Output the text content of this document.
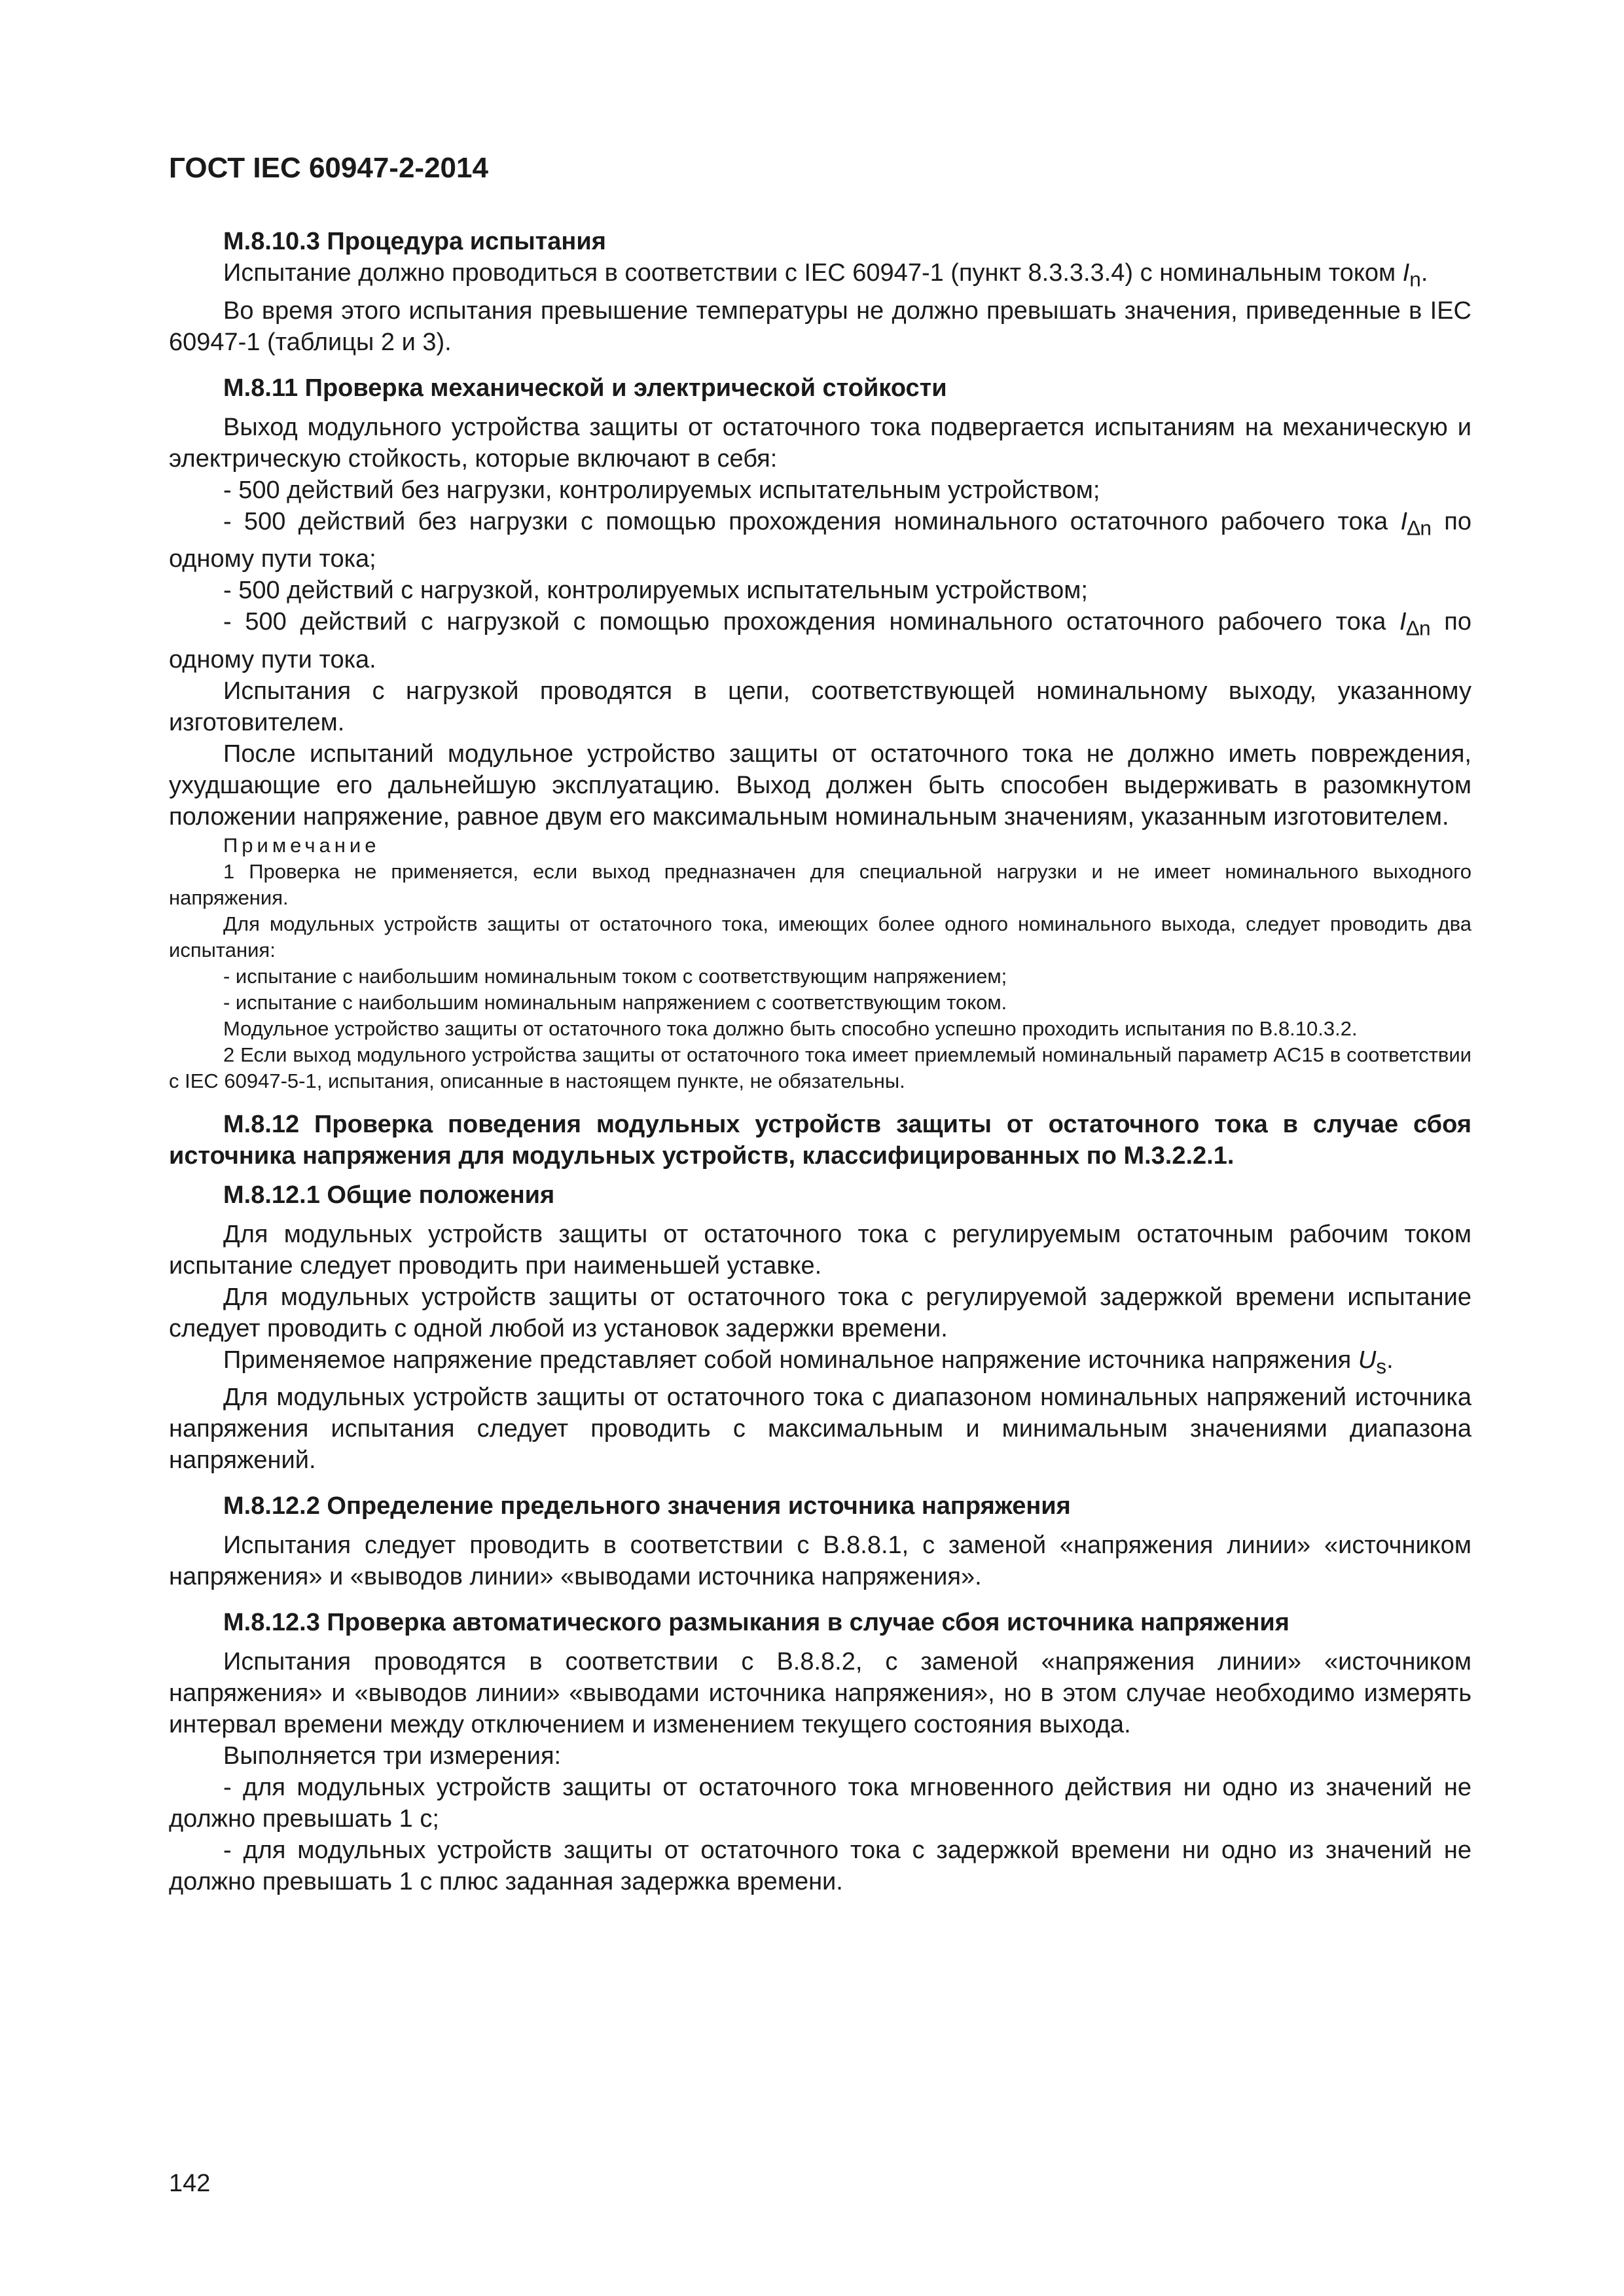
ГОСТ IEC 60947-2-2014

М.8.10.3 Процедура испытания

Испытание должно проводиться в соответствии с IEC 60947-1 (пункт 8.3.3.3.4) с номинальным током $I_n$.

Во время этого испытания превышение температуры не должно превышать значения, приведенные в IEC 60947-1 (таблицы 2 и 3).

М.8.11 Проверка механической и электрической стойкости

Выход модульного устройства защиты от остаточного тока подвергается испытаниям на механическую и электрическую стойкость, которые включают в себя:

- 500 действий без нагрузки, контролируемых испытательным устройством;

- 500 действий без нагрузки с помощью прохождения номинального остаточного рабочего тока $I_{\Delta n}$ по одному пути тока;

- 500 действий с нагрузкой, контролируемых испытательным устройством;

- 500 действий с нагрузкой с помощью прохождения номинального остаточного рабочего тока $I_{\Delta n}$ по одному пути тока.

Испытания с нагрузкой проводятся в цепи, соответствующей номинальному выходу, указанному изготовителем.

После испытаний модульное устройство защиты от остаточного тока не должно иметь повреждения, ухудшающие его дальнейшую эксплуатацию. Выход должен быть способен выдерживать в разомкнутом положении напряжение, равное двум его максимальным номинальным значениям, указанным изготовителем.

Примечание

1 Проверка не применяется, если выход предназначен для специальной нагрузки и не имеет номинального выходного напряжения.

Для модульных устройств защиты от остаточного тока, имеющих более одного номинального выхода, следует проводить два испытания:

- испытание с наибольшим номинальным током с соответствующим напряжением;

- испытание с наибольшим номинальным напряжением с соответствующим током.

Модульное устройство защиты от остаточного тока должно быть способно успешно проходить испытания по В.8.10.3.2.

2 Если выход модульного устройства защиты от остаточного тока имеет приемлемый номинальный параметр AC15 в соответствии с IEC 60947-5-1, испытания, описанные в настоящем пункте, не обязательны.

М.8.12 Проверка поведения модульных устройств защиты от остаточного тока в случае сбоя источника напряжения для модульных устройств, классифицированных по М.3.2.2.1.

М.8.12.1 Общие положения

Для модульных устройств защиты от остаточного тока с регулируемым остаточным рабочим током испытание следует проводить при наименьшей уставке.

Для модульных устройств защиты от остаточного тока с регулируемой задержкой времени испытание следует проводить с одной любой из установок задержки времени.

Применяемое напряжение представляет собой номинальное напряжение источника напряжения $U_s$.

Для модульных устройств защиты от остаточного тока с диапазоном номинальных напряжений источника напряжения испытания следует проводить с максимальным и минимальным значениями диапазона напряжений.

М.8.12.2 Определение предельного значения источника напряжения

Испытания следует проводить в соответствии с В.8.8.1, с заменой «напряжения линии» «источником напряжения» и «выводов линии» «выводами источника напряжения».

М.8.12.3 Проверка автоматического размыкания в случае сбоя источника напряжения

Испытания проводятся в соответствии с В.8.8.2, с заменой «напряжения линии» «источником напряжения» и «выводов линии» «выводами источника напряжения», но в этом случае необходимо измерять интервал времени между отключением и изменением текущего состояния выхода.

Выполняется три измерения:

- для модульных устройств защиты от остаточного тока мгновенного действия ни одно из значений не должно превышать 1 с;

- для модульных устройств защиты от остаточного тока с задержкой времени ни одно из значений не должно превышать 1 с плюс заданная задержка времени.

142
